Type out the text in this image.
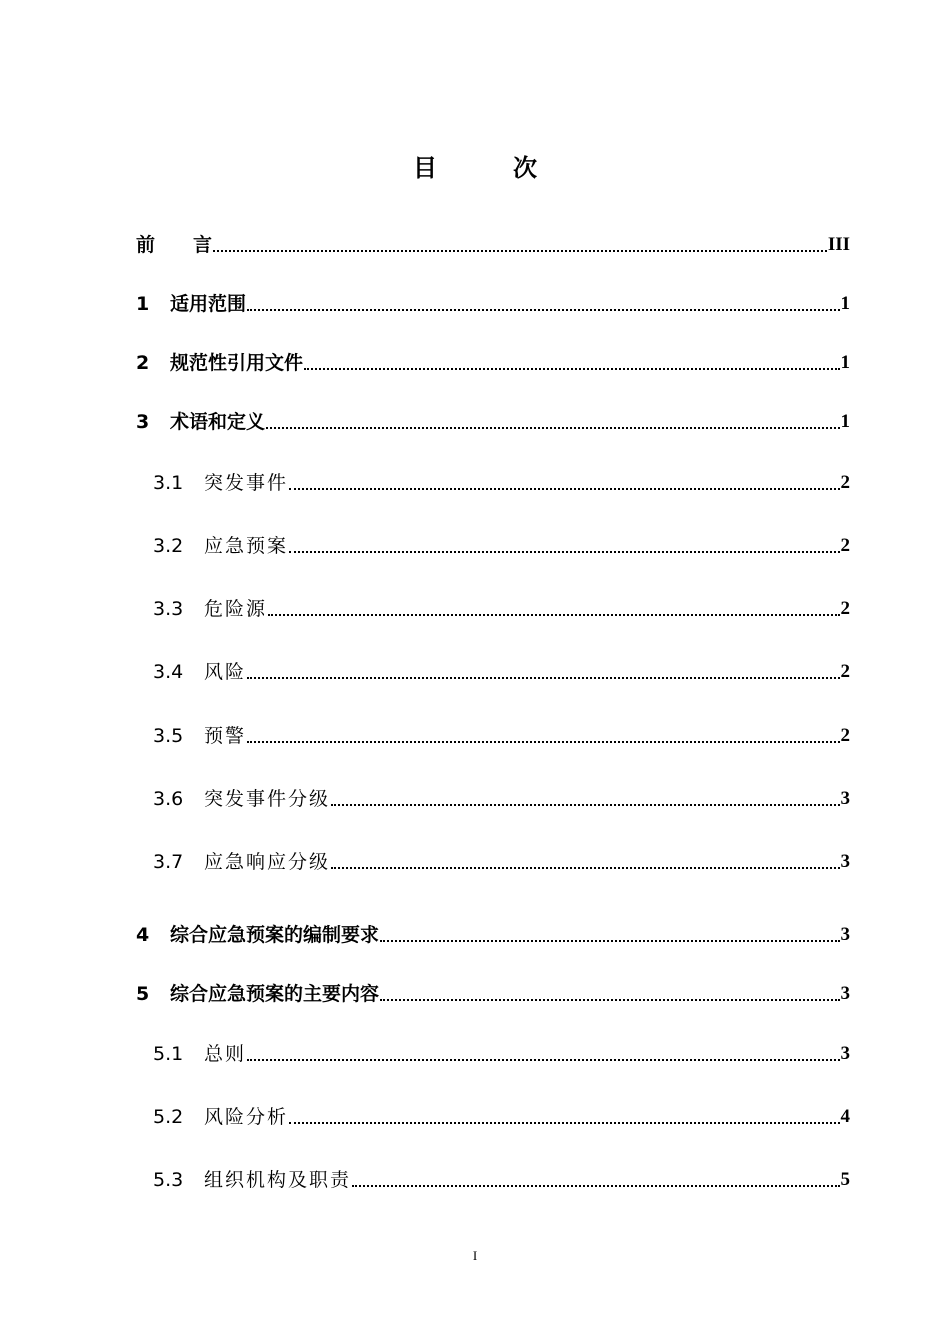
目　次
前　　言	III
1	适用范围	1
2	规范性引用文件	1
3	术语和定义	1
3.1	突发事件	2
3.2	应急预案	2
3.3	危险源	2
3.4	风险	2
3.5	预警	2
3.6	突发事件分级	3
3.7	应急响应分级	3
4	综合应急预案的编制要求	3
5	综合应急预案的主要内容	3
5.1	总则	3
5.2	风险分析	4
5.3	组织机构及职责	5
I
